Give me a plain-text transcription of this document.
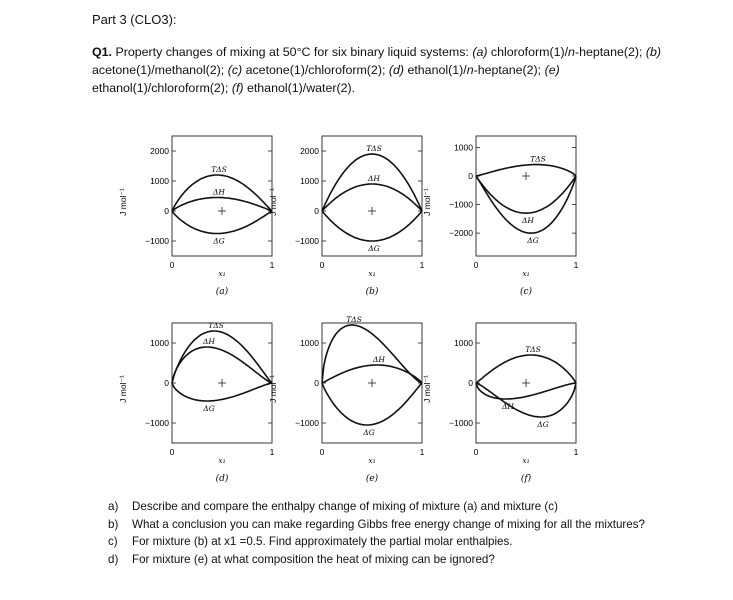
Part 3 (CLO3):
Q1. Property changes of mixing at 50°C for six binary liquid systems: (a) chloroform(1)/n-heptane(2); (b) acetone(1)/methanol(2); (c) acetone(1)/chloroform(2); (d) ethanol(1)/n-heptane(2); (e) ethanol(1)/chloroform(2); (f) ethanol(1)/water(2).
2000
1000
0
−1000
TΔS
ΔH
ΔG
0	1
x₁
(a)
J mol⁻¹
2000
1000
0
−1000
TΔS
ΔH
ΔG
0	1
x₁
(b)
J mol⁻¹
1000
0
−1000
−2000
TΔS
ΔH
ΔG
0	1
x₁
(c)
J mol⁻¹
1000
0
−1000
TΔS
ΔH
ΔG
0	1
x₁
(d)
J mol⁻¹
1000
0
−1000
TΔS
ΔH
ΔG
0	1
x₁
(e)
J mol⁻¹
1000
0
−1000
TΔS
ΔH
ΔG
0	1
x₁
(f)
J mol⁻¹
a)	Describe and compare the enthalpy change of mixing of mixture (a) and mixture (c)
b)	What a conclusion you can make regarding Gibbs free energy change of mixing for all the mixtures?
c)	For mixture (b) at x1 =0.5. Find approximately the partial molar enthalpies.
d)	For mixture (e) at what composition the heat of mixing can be ignored?
